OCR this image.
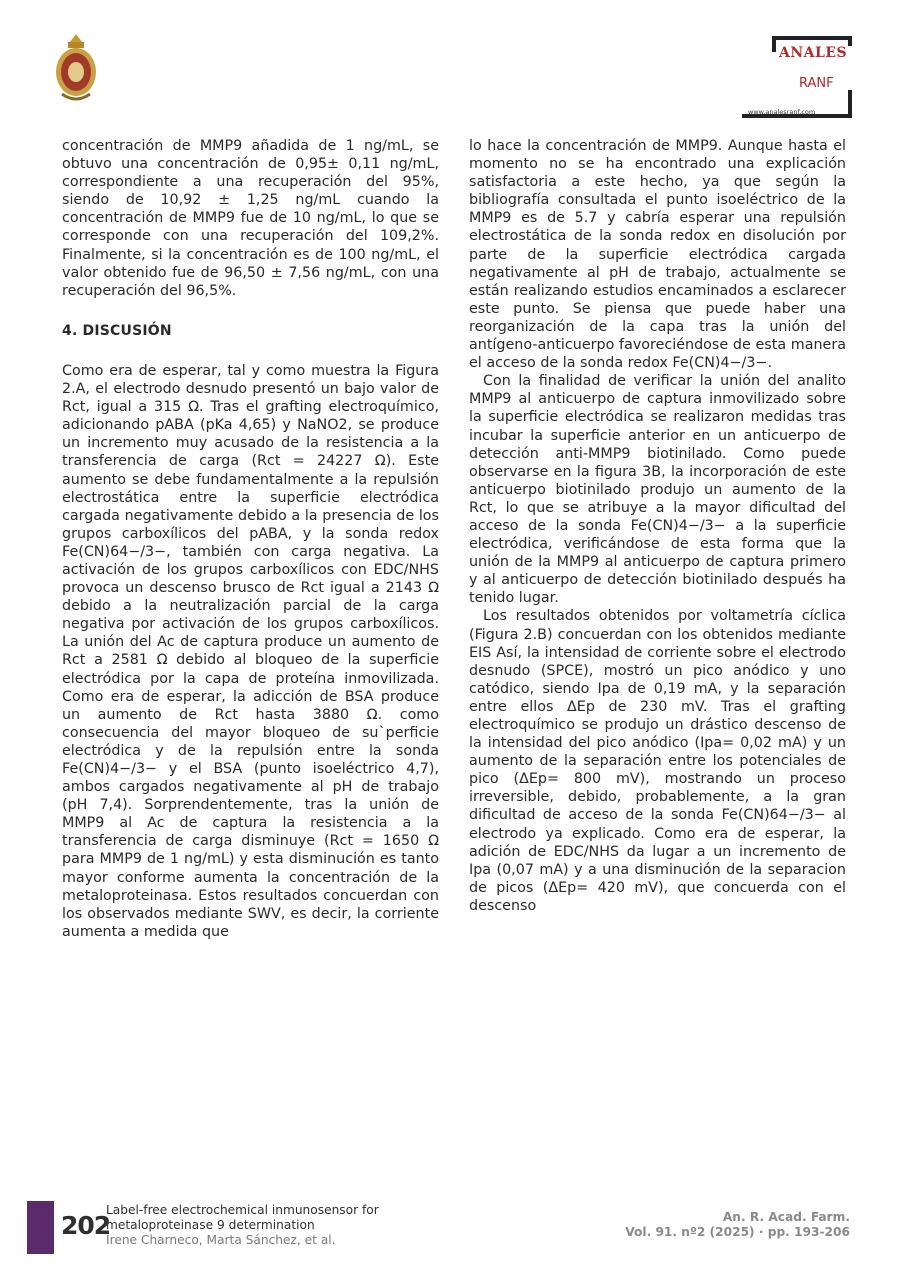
ANALES
RANF
www.analesranf.com

concentración de MMP9 añadida de 1 ng/mL, se obtuvo una concentración de 0,95± 0,11 ng/mL, correspondiente a una recuperación del 95%, siendo de 10,92 ± 1,25 ng/mL cuando la concentración de MMP9 fue de 10 ng/mL, lo que se corresponde con una recuperación del 109,2%. Finalmente, si la concentración es de 100 ng/mL, el valor obtenido fue de 96,50 ± 7,56 ng/mL, con una recuperación del 96,5%.

4. DISCUSIÓN

Como era de esperar, tal y como muestra la Figura 2.A, el electrodo desnudo presentó un bajo valor de Rct, igual a 315 Ω. Tras el grafting electroquímico, adicionando pABA (pKa 4,65) y NaNO2, se produce un incremento muy acusado de la resistencia a la transferencia de carga (Rct = 24227 Ω). Este aumento se debe fundamentalmente a la repulsión electrostática entre la superficie electródica cargada negativamente debido a la presencia de los grupos carboxílicos del pABA, y la sonda redox Fe(CN)64−/3−, también con carga negativa. La activación de los grupos carboxílicos con EDC/NHS provoca un descenso brusco de Rct igual a 2143 Ω debido a la neutralización parcial de la carga negativa por activación de los grupos carboxílicos. La unión del Ac de captura produce un aumento de Rct a 2581 Ω debido al bloqueo de la superficie electródica por la capa de proteína inmovilizada. Como era de esperar, la adicción de BSA produce un aumento de Rct hasta 3880 Ω. como consecuencia del mayor bloqueo de su`perficie electródica y de la repulsión entre la sonda Fe(CN)4−/3− y el BSA (punto isoeléctrico 4,7), ambos cargados negativamente al pH de trabajo (pH 7,4). Sorprendentemente, tras la unión de MMP9 al Ac de captura la resistencia a la transferencia de carga disminuye (Rct = 1650 Ω para MMP9 de 1 ng/mL) y esta disminución es tanto mayor conforme aumenta la concentración de la metaloproteinasa. Estos resultados concuerdan con los observados mediante SWV, es decir, la corriente aumenta a medida que

lo hace la concentración de MMP9. Aunque hasta el momento no se ha encontrado una explicación satisfactoria a este hecho, ya que según la bibliografía consultada el punto isoeléctrico de la MMP9 es de 5.7 y cabría esperar una repulsión electrostática de la sonda redox en disolución por parte de la superficie electródica cargada negativamente al pH de trabajo, actualmente se están realizando estudios encaminados a esclarecer este punto. Se piensa que puede haber una reorganización de la capa tras la unión del antígeno-anticuerpo favoreciéndose de esta manera el acceso de la sonda redox Fe(CN)4−/3−.

Con la finalidad de verificar la unión del analito MMP9 al anticuerpo de captura inmovilizado sobre la superficie electródica se realizaron medidas tras incubar la superficie anterior en un anticuerpo de detección anti-MMP9 biotinilado. Como puede observarse en la figura 3B, la incorporación de este anticuerpo biotinilado produjo un aumento de la Rct, lo que se atribuye a la mayor dificultad del acceso de la sonda Fe(CN)4−/3− a la superficie electródica, verificándose de esta forma que la unión de la MMP9 al anticuerpo de captura primero y al anticuerpo de detección biotinilado después ha tenido lugar.

Los resultados obtenidos por voltametría cíclica (Figura 2.B) concuerdan con los obtenidos mediante EIS Así, la intensidad de corriente sobre el electrodo desnudo (SPCE), mostró un pico anódico y uno catódico, siendo Ipa de 0,19 mA, y la separación entre ellos ΔEp de 230 mV. Tras el grafting electroquímico se produjo un drástico descenso de la intensidad del pico anódico (Ipa= 0,02 mA) y un aumento de la separación entre los potenciales de pico (ΔEp= 800 mV), mostrando un proceso irreversible, debido, probablemente, a la gran dificultad de acceso de la sonda Fe(CN)64−/3− al electrodo ya explicado. Como era de esperar, la adición de EDC/NHS da lugar a un incremento de Ipa (0,07 mA) y a una disminución de la separacion de picos (ΔEp= 420 mV), que concuerda con el descenso

202
Label-free electrochemical inmunosensor for
metaloproteinase 9 determination
Irene Charneco, Marta Sánchez, et al.
An. R. Acad. Farm.
Vol. 91. nº2 (2025) · pp. 193-206
